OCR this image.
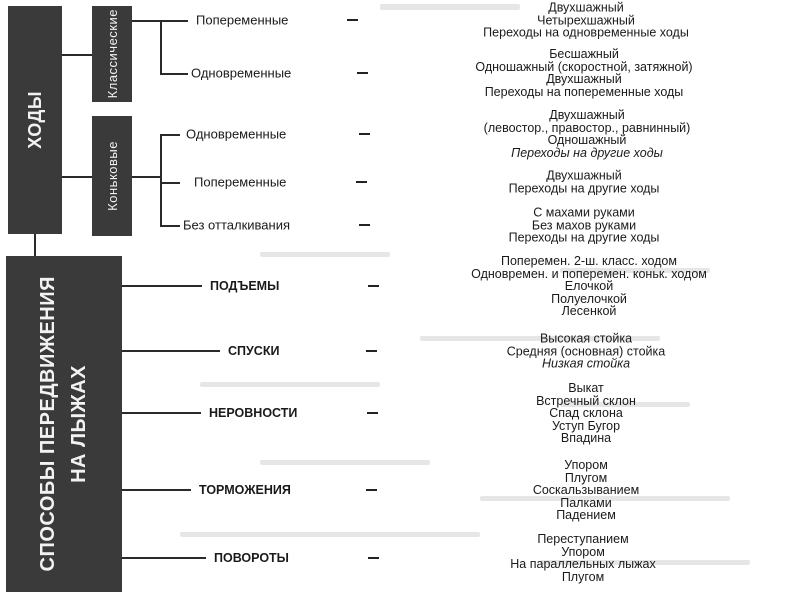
ХОДЫ
Классические
Коньковые
СПОСОБЫ ПЕРЕДВИЖЕНИЯ НА ЛЫЖАХ
Попеременные
Двухшажный
Четырехшажный
Переходы на одновременные ходы
Одновременные
Бесшажный
Одношажный (скоростной, затяжной)
Двухшажный
Переходы на попеременные ходы
Одновременные
Двухшажный
(левостор., правостор., равнинный)
Одношажный
Переходы на другие ходы
Попеременные	Двухшажный
Переходы на другие ходы
Без отталкивания
С махами руками
Без махов руками
Переходы на другие ходы
ПОДЪЕМЫ
Поперемен. 2-ш. класс. ходом
Одновремен. и поперемен. коньк. ходом
Елочкой
Полуелочкой
Лесенкой
СПУСКИ
Высокая стойка
Средняя (основная) стойка
Низкая стойка
НЕРОВНОСТИ
Выкат
Встречный склон
Спад склона
Уступ Бугор
Впадина
ТОРМОЖЕНИЯ
Упором
Плугом
Соскальзыванием
Палками
Падением
ПОВОРОТЫ
Переступанием
Упором
На параллельных лыжах
Плугом
